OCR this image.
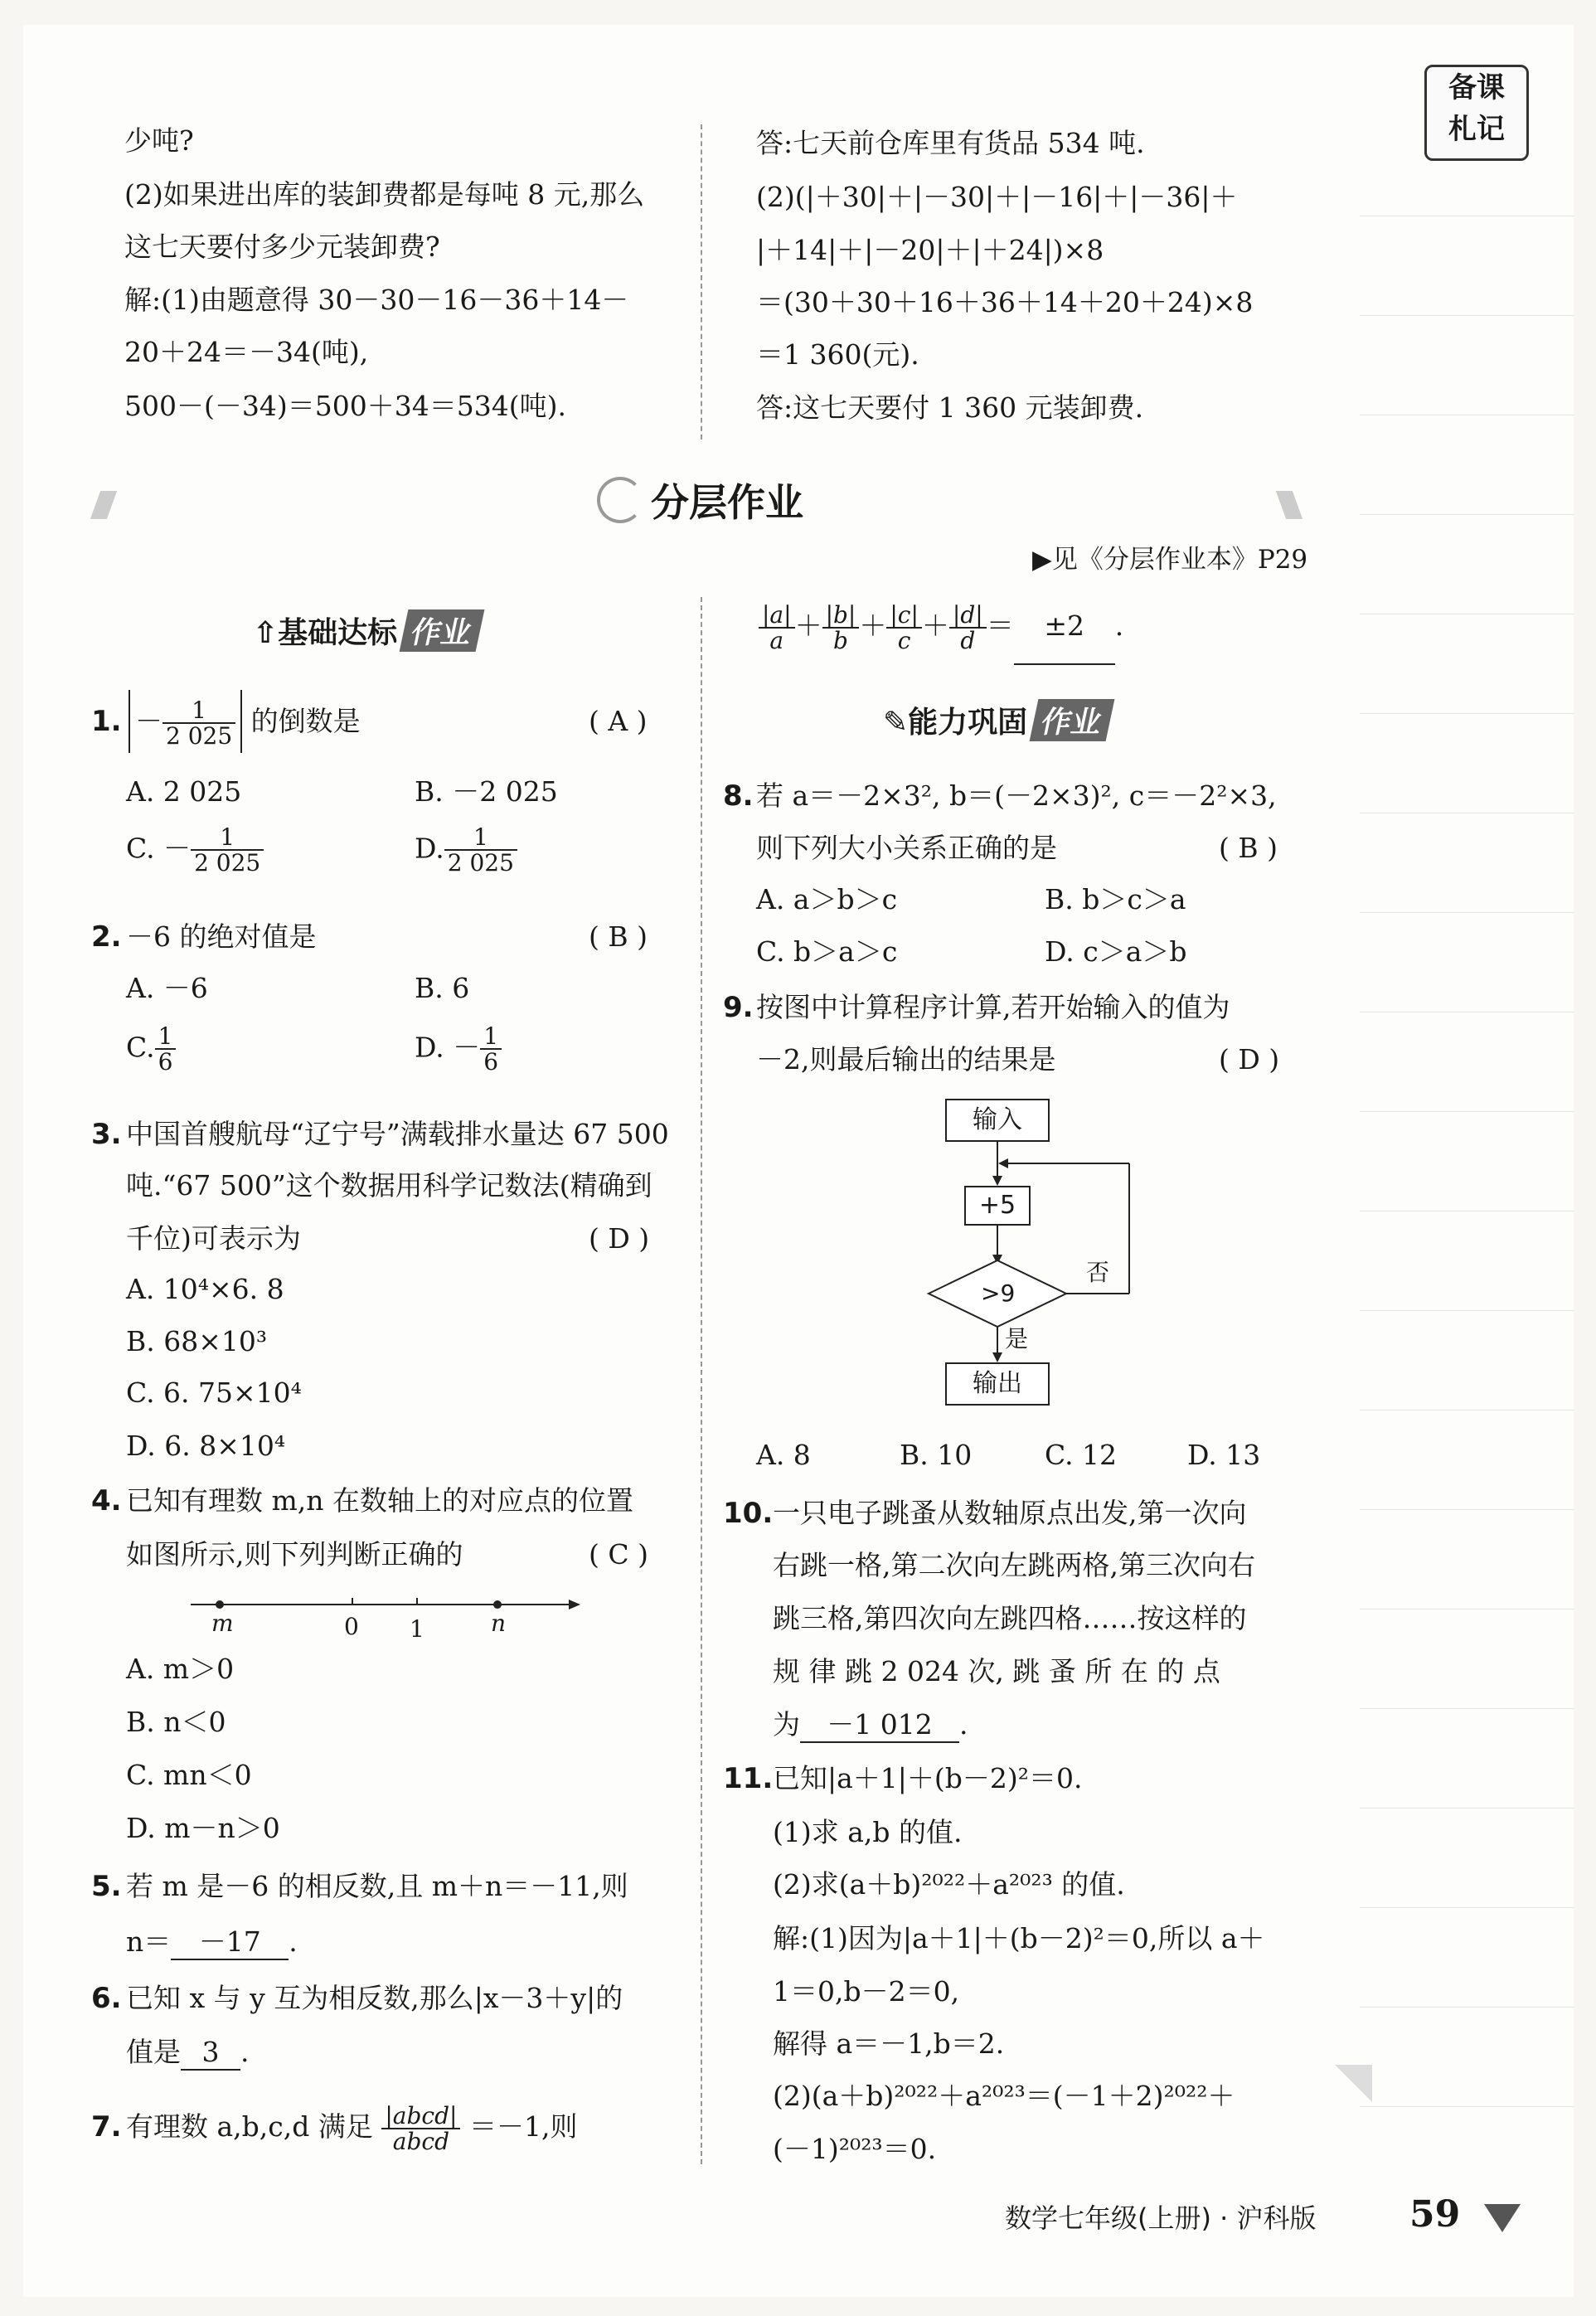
备课
札记
少吨?
(2)如果进出库的装卸费都是每吨 8 元,那么
这七天要付多少元装卸费?
解:(1)由题意得 30－30－16－36＋14－
20＋24＝－34(吨),
500－(－34)＝500＋34＝534(吨).
答:七天前仓库里有货品 534 吨.
(2)(|＋30|＋|－30|＋|－16|＋|－36|＋
|＋14|＋|－20|＋|＋24|)×8
＝(30＋30＋16＋36＋14＋20＋24)×8
＝1 360(元).
答:这七天要付 1 360 元装卸费.
分层作业
▶见《分层作业本》P29
⇧基础达标 作业
1. － $\frac{1}{2 025}$ 的倒数是	( A )
A. 2 025	B. －2 025
C. － $\frac{1}{2 025}$	D. $\frac{1}{2 025}$
2. －6 的绝对值是	( B )
A. －6	B. 6
C. $\frac{1}{6}$	D. － $\frac{1}{6}$
3. 中国首艘航母“辽宁号”满载排水量达 67 500
吨.“67 500”这个数据用科学记数法(精确到
千位)可表示为	( D )
A. 10⁴×6. 8
B. 68×10³
C. 6. 75×10⁴
D. 6. 8×10⁴
4. 已知有理数 m,n 在数轴上的对应点的位置
如图所示,则下列判断正确的	( C )
m	0 1	n
A. m＞0
B. n＜0
C. mn＜0
D. m－n＞0
5. 若 m 是－6 的相反数,且 m＋n＝－11,则
n＝ －17 .
6. 已知 x 与 y 互为相反数,那么|x－3＋y|的
值是 3 .
7. 有理数 a,b,c,d 满足 $\frac{\text{|abcd|}}{\text{abcd}} =-1$,则
$\frac{|a|}{a} + \frac{|b|}{b} + \frac{|c|}{c} + \frac{|d|}{d} = \pm 2$ .
✎能力巩固 作业
8. 若 a＝－2×3², b＝(－2×3)², c＝－2²×3,
则下列大小关系正确的是	( B )
A. a＞b＞c	B. b＞c＞a
C. b＞a＞c	D. c＞a＞b
9. 按图中计算程序计算,若开始输入的值为
－2,则最后输出的结果是	( D )
输入
+5
>9
否
是
输出
A. 8	B. 10	C. 12	D. 13
10. 一只电子跳蚤从数轴原点出发,第一次向
右跳一格,第二次向左跳两格,第三次向右
跳三格,第四次向左跳四格……按这样的
规 律 跳 2 024 次, 跳 蚤 所 在 的 点
为 －1 012 .
11. 已知|a＋1|＋(b－2)²＝0.
(1)求 a,b 的值.
(2)求(a＋b)²⁰²²＋a²⁰²³ 的值.
解:(1)因为|a＋1|＋(b－2)²＝0,所以 a＋
1＝0,b－2＝0,
解得 a＝－1,b＝2.
(2)(a＋b)²⁰²²＋a²⁰²³＝(－1＋2)²⁰²²＋
(－1)²⁰²³＝0.
数学七年级(上册) · 沪科版	59
